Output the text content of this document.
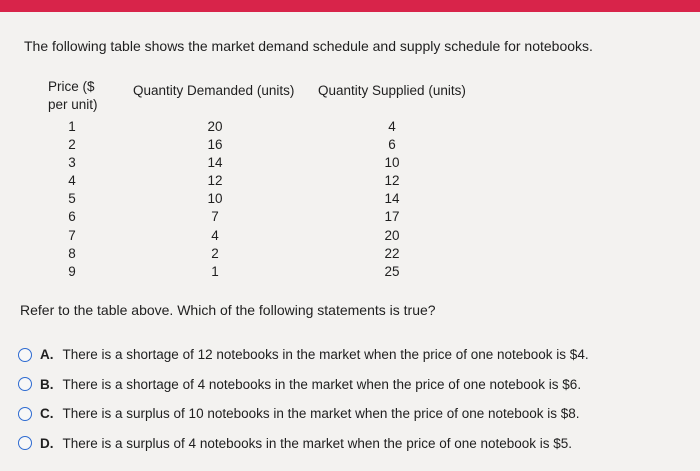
The following table shows the market demand schedule and supply schedule for notebooks.
Price ($
per unit)
Quantity Demanded (units) Quantity Supplied (units)
1
2
3
4
5
6
7
8
9
20
16
14
12
10
7
4
2
1
4
6
10
12
14
17
20
22
25
Refer to the table above. Which of the following statements is true?
A. There is a shortage of 12 notebooks in the market when the price of one notebook is $4.
B. There is a shortage of 4 notebooks in the market when the price of one notebook is $6.
C. There is a surplus of 10 notebooks in the market when the price of one notebook is $8.
D. There is a surplus of 4 notebooks in the market when the price of one notebook is $5.
